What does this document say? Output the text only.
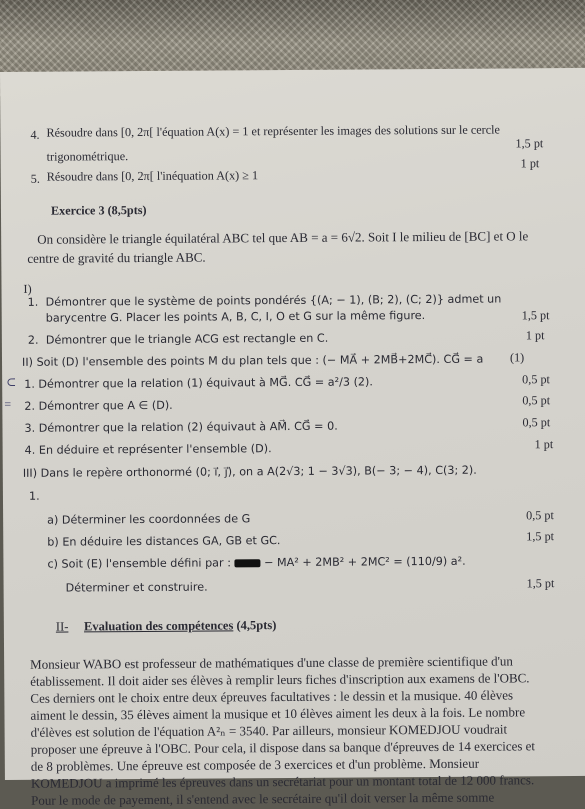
4. Résoudre dans [0, 2π[ l'équation A(x) = 1 et représenter les images des solutions sur le cercle
trigonométrique.
1,5 pt
5. Résoudre dans [0, 2π[ l'inéquation A(x) ≥ 1
1 pt
Exercice 3 (8,5pts)
On considère le triangle équilatéral ABC tel que AB = a = 6√2. Soit I le milieu de [BC] et O le
centre de gravité du triangle ABC.
I)
1. Démontrer que le système de points pondérés {(A; − 1), (B; 2), (C; 2)} admet un
barycentre G. Placer les points A, B, C, I, O et G sur la même figure.	1,5 pt
2. Démontrer que le triangle ACG est rectangle en C.	1 pt
II) Soit (D) l'ensemble des points M du plan tels que : (− MA⃗ + 2MB⃗+2MC⃗). CG⃗ = a (1)
⊂ 1. Démontrer que la relation (1) équivaut à MG⃗. CG⃗ = a²/3 (2).	0,5 pt
= 2. Démontrer que A ∈ (D).	0,5 pt
3. Démontrer que la relation (2) équivaut à AM⃗. CG⃗ = 0.	0,5 pt
4. En déduire et représenter l'ensemble (D).	1 pt
III) Dans le repère orthonormé (0; i⃗, j⃗), on a A(2√3; 1 − 3√3), B(− 3; − 4), C(3; 2).
1.
a) Déterminer les coordonnées de G	0,5 pt
b) En déduire les distances GA, GB et GC.	1,5 pt
c) Soit (E) l'ensemble défini par :	− MA² + 2MB² + 2MC² = (110/9) a².
Déterminer et construire.	1,5 pt
II- Evaluation des compétences (4,5pts)
Monsieur WABO est professeur de mathématiques d'une classe de première scientifique d'un
établissement. Il doit aider ses élèves à remplir leurs fiches d'inscription aux examens de l'OBC.
Ces derniers ont le choix entre deux épreuves facultatives : le dessin et la musique. 40 élèves
aiment le dessin, 35 élèves aiment la musique et 10 élèves aiment les deux à la fois. Le nombre
d'élèves est solution de l'équation A²ₙ = 3540. Par ailleurs, monsieur KOMEDJOU voudrait
proposer une épreuve à l'OBC. Pour cela, il dispose dans sa banque d'épreuves de 14 exercices et
de 8 problèmes. Une épreuve est composée de 3 exercices et d'un problème. Monsieur
KOMEDJOU a imprimé les épreuves dans un secrétariat pour un montant total de 12 000 francs.
Pour le mode de payement, il s'entend avec le secrétaire qu'il doit verser la même somme
